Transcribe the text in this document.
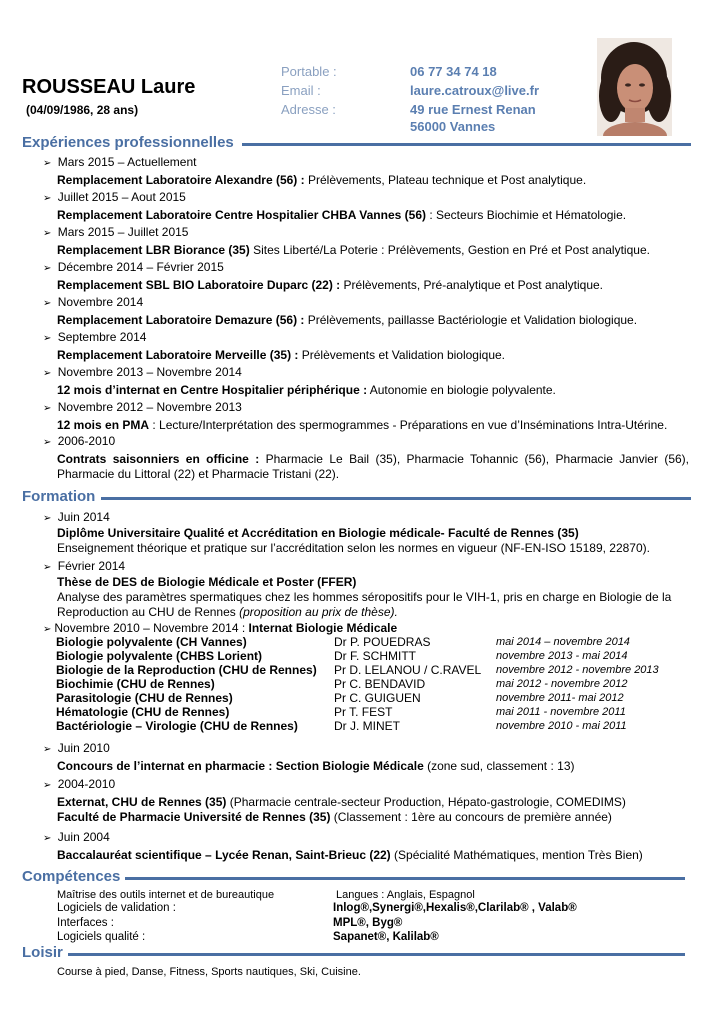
ROUSSEAU Laure
(04/09/1986, 28 ans)
Portable :	06 77 34 74 18
Email :	laure.catroux@live.fr
Adresse :	49 rue Ernest Renan
56000 Vannes
Expériences professionnelles
➢ Mars 2015 – Actuellement
Remplacement Laboratoire Alexandre (56) : Prélèvements, Plateau technique et Post analytique.
➢ Juillet 2015 – Aout 2015
Remplacement Laboratoire Centre Hospitalier CHBA Vannes (56) : Secteurs Biochimie et Hématologie.
➢ Mars 2015 – Juillet 2015
Remplacement LBR Biorance (35) Sites Liberté/La Poterie : Prélèvements, Gestion en Pré et Post analytique.
➢ Décembre 2014 – Février 2015
Remplacement SBL BIO Laboratoire Duparc (22) : Prélèvements, Pré-analytique et Post analytique.
➢ Novembre 2014
Remplacement Laboratoire Demazure (56) : Prélèvements, paillasse Bactériologie et Validation biologique.
➢ Septembre 2014
Remplacement Laboratoire Merveille (35) : Prélèvements et Validation biologique.
➢ Novembre 2013 – Novembre 2014
12 mois d’internat en Centre Hospitalier périphérique : Autonomie en biologie polyvalente.
➢ Novembre 2012 – Novembre 2013
12 mois en PMA : Lecture/Interprétation des spermogrammes - Préparations en vue d’Inséminations Intra-Utérine.
➢ 2006-2010
Contrats saisonniers en officine : Pharmacie Le Bail (35), Pharmacie Tohannic (56), Pharmacie Janvier (56), Pharmacie du Littoral (22) et Pharmacie Tristani (22).
Formation
➢ Juin 2014
Diplôme Universitaire Qualité et Accréditation en Biologie médicale- Faculté de Rennes (35)
Enseignement théorique et pratique sur l’accréditation selon les normes en vigueur (NF-EN-ISO 15189, 22870).
➢ Février 2014
Thèse de DES de Biologie Médicale et Poster (FFER)
Analyse des paramètres spermatiques chez les hommes séropositifs pour le VIH-1, pris en charge en Biologie de la Reproduction au CHU de Rennes (proposition au prix de thèse).
➢ Novembre 2010 – Novembre 2014 : Internat Biologie Médicale
Biologie polyvalente (CH Vannes)	Dr P. POUEDRAS	mai 2014 – novembre 2014
Biologie polyvalente (CHBS Lorient)	Dr F. SCHMITT	novembre 2013 - mai 2014
Biologie de la Reproduction (CHU de Rennes) Pr D. LELANOU / C.RAVEL novembre 2012 - novembre 2013
Biochimie (CHU de Rennes)	Pr C. BENDAVID	mai 2012 - novembre 2012
Parasitologie (CHU de Rennes)	Pr C. GUIGUEN	novembre 2011- mai 2012
Hématologie (CHU de Rennes)	Pr T. FEST	mai 2011 - novembre 2011
Bactériologie – Virologie (CHU de Rennes)	Dr J. MINET	novembre 2010 - mai 2011
➢ Juin 2010
Concours de l’internat en pharmacie : Section Biologie Médicale (zone sud, classement : 13)
➢ 2004-2010
Externat, CHU de Rennes (35) (Pharmacie centrale-secteur Production, Hépato-gastrologie, COMEDIMS)
Faculté de Pharmacie Université de Rennes (35) (Classement : 1ère au concours de première année)
➢ Juin 2004
Baccalauréat scientifique – Lycée Renan, Saint-Brieuc (22) (Spécialité Mathématiques, mention Très Bien)
Compétences
Maîtrise des outils internet et de bureautique	Langues : Anglais, Espagnol
Logiciels de validation :	Inlog®,Synergi®,Hexalis®,Clarilab® , Valab®
Interfaces :	MPL®, Byg®
Logiciels qualité :	Sapanet®, Kalilab®
Loisir
Course à pied, Danse, Fitness, Sports nautiques, Ski, Cuisine.
